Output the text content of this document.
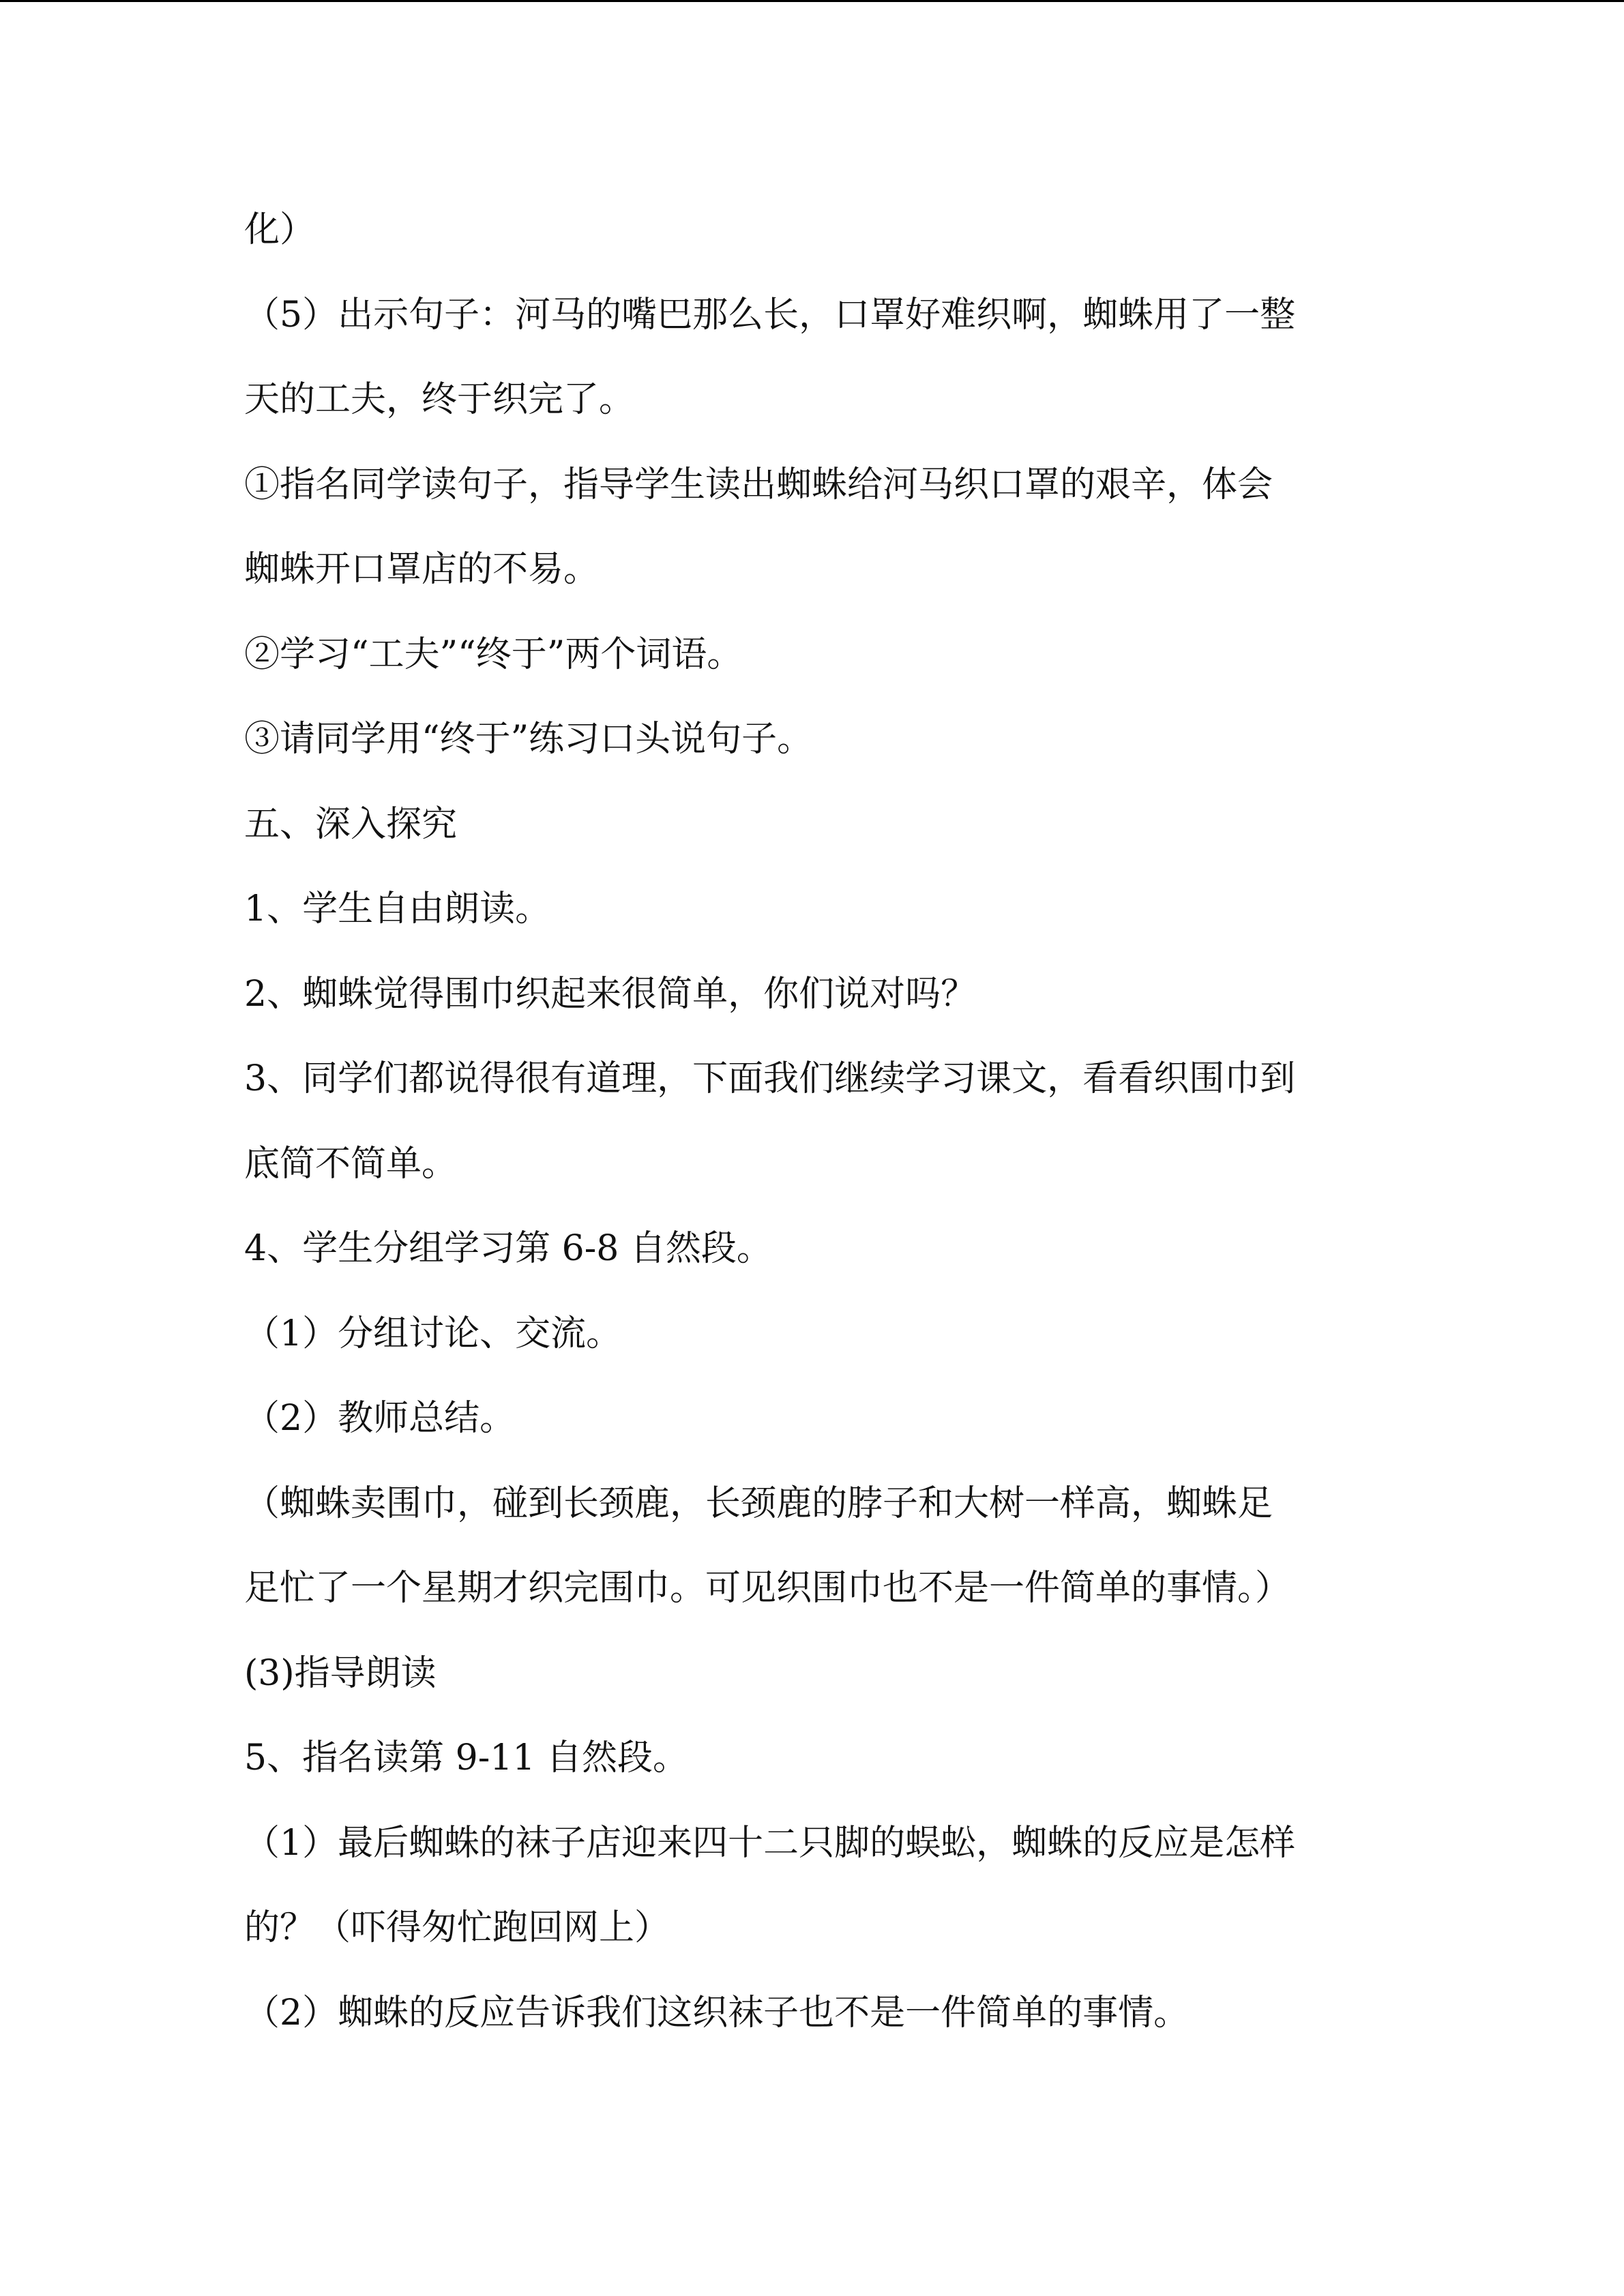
化）
（5）出示句子：河马的嘴巴那么长，口罩好难织啊，蜘蛛用了一整
天的工夫，终于织完了。
①指名同学读句子，指导学生读出蜘蛛给河马织口罩的艰辛，体会
蜘蛛开口罩店的不易。
②学习“工夫”“终于”两个词语。
③请同学用“终于”练习口头说句子。
五、深入探究
1、学生自由朗读。
2、蜘蛛觉得围巾织起来很简单，你们说对吗？
3、同学们都说得很有道理，下面我们继续学习课文，看看织围巾到
底简不简单。
4、学生分组学习第 6-8 自然段。
（1）分组讨论、交流。
（2）教师总结。
（蜘蛛卖围巾，碰到长颈鹿，长颈鹿的脖子和大树一样高，蜘蛛足
足忙了一个星期才织完围巾。可见织围巾也不是一件简单的事情。）
(3)指导朗读
5、指名读第 9-11 自然段。
（1）最后蜘蛛的袜子店迎来四十二只脚的蜈蚣，蜘蛛的反应是怎样
的？（吓得匆忙跑回网上）
（2）蜘蛛的反应告诉我们这织袜子也不是一件简单的事情。
